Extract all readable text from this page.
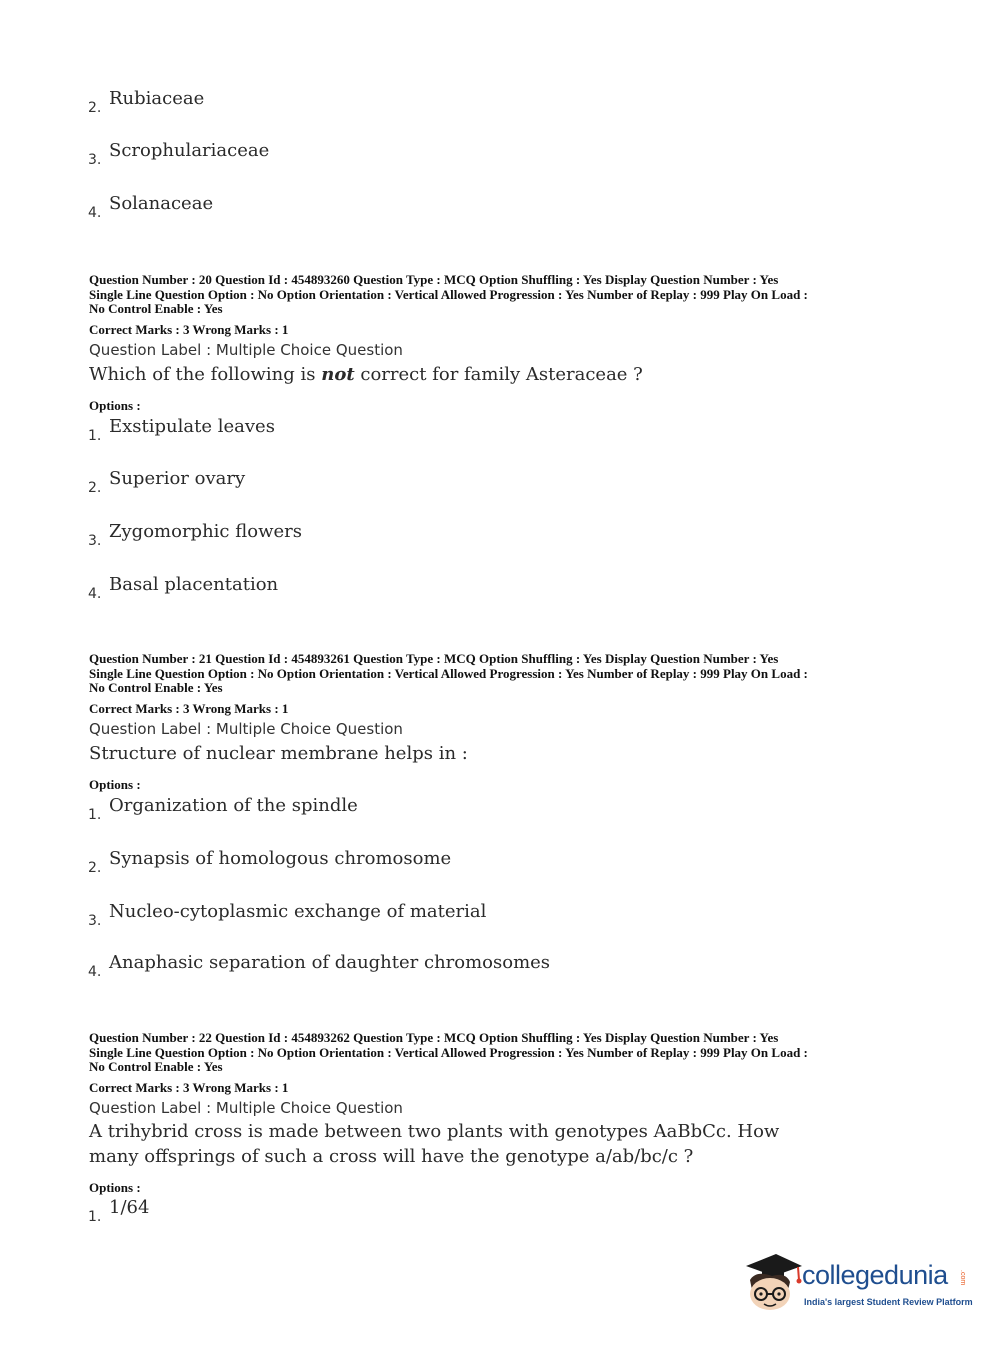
2. Rubiaceae
3. Scrophulariaceae
4. Solanaceae

Question Number : 20 Question Id : 454893260 Question Type : MCQ Option Shuffling : Yes Display Question Number : Yes

Single Line Question Option : No Option Orientation : Vertical Allowed Progression : Yes Number of Replay : 999 Play On Load :

No Control Enable : Yes

Correct Marks : 3 Wrong Marks : 1

Question Label : Multiple Choice Question

Which of the following is not correct for family Asteraceae ?

Options :
1. Exstipulate leaves
2. Superior ovary
3. Zygomorphic flowers
4. Basal placentation

Question Number : 21 Question Id : 454893261 Question Type : MCQ Option Shuffling : Yes Display Question Number : Yes

Single Line Question Option : No Option Orientation : Vertical Allowed Progression : Yes Number of Replay : 999 Play On Load :

No Control Enable : Yes

Correct Marks : 3 Wrong Marks : 1

Question Label : Multiple Choice Question

Structure of nuclear membrane helps in :

Options :
1. Organization of the spindle
2. Synapsis of homologous chromosome
3. Nucleo-cytoplasmic exchange of material
4. Anaphasic separation of daughter chromosomes

Question Number : 22 Question Id : 454893262 Question Type : MCQ Option Shuffling : Yes Display Question Number : Yes

Single Line Question Option : No Option Orientation : Vertical Allowed Progression : Yes Number of Replay : 999 Play On Load :

No Control Enable : Yes

Correct Marks : 3 Wrong Marks : 1

Question Label : Multiple Choice Question

A trihybrid cross is made between two plants with genotypes AaBbCc. How

many offsprings of such a cross will have the genotype a/ab/bc/c ?

Options :
1. 1/64
collegedunia .com
India's largest Student Review Platform
